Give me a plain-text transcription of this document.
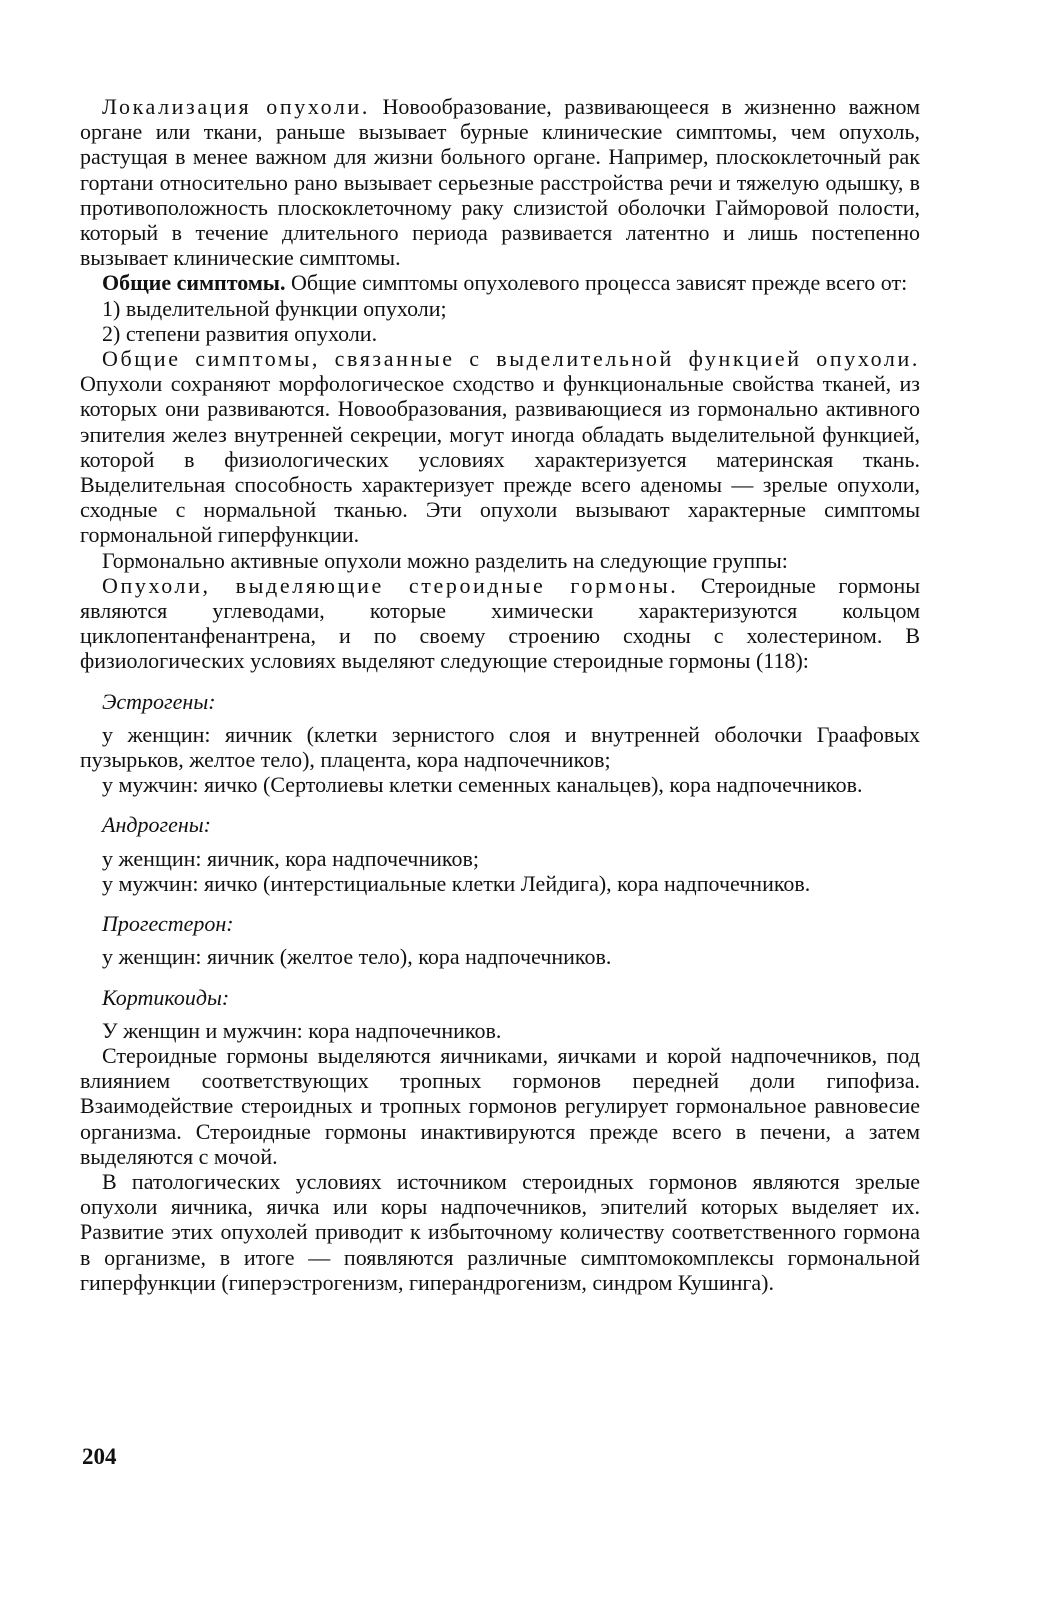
Локализация опухоли. Новообразование, развивающееся в жизненно важном органе или ткани, раньше вызывает бурные клинические симптомы, чем опухоль, растущая в менее важном для жизни больного органе. Например, плоскоклеточный рак гортани относительно рано вызывает серьезные расстройства речи и тяжелую одышку, в противоположность плоскоклеточному раку слизистой оболочки Гайморовой полости, который в течение длительного периода развивается латентно и лишь постепенно вызывает клинические симптомы.

Общие симптомы. Общие симптомы опухолевого процесса зависят прежде всего от:

1) выделительной функции опухоли;

2) степени развития опухоли.

Общие симптомы, связанные с выделительной функцией опухоли. Опухоли сохраняют морфологическое сходство и функциональные свойства тканей, из которых они развиваются. Новообразования, развивающиеся из гормонально активного эпителия желез внутренней секреции, могут иногда обладать выделительной функцией, которой в физиологических условиях характеризуется материнская ткань. Выделительная способность характеризует прежде всего аденомы — зрелые опухоли, сходные с нормальной тканью. Эти опухоли вызывают характерные симптомы гормональной гиперфункции.

Гормонально активные опухоли можно разделить на следующие группы:

Опухоли, выделяющие стероидные гормоны. Стероидные гормоны являются углеводами, которые химически характеризуются кольцом циклопентанфенантрена, и по своему строению сходны с холестерином. В физиологических условиях выделяют следующие стероидные гормоны (118):

Эстрогены:

у женщин: яичник (клетки зернистого слоя и внутренней оболочки Граафовых пузырьков, желтое тело), плацента, кора надпочечников;

у мужчин: яичко (Сертолиевы клетки семенных канальцев), кора надпочечников.

Андрогены:

у женщин: яичник, кора надпочечников;

у мужчин: яичко (интерстициальные клетки Лейдига), кора надпочечников.

Прогестерон:

у женщин: яичник (желтое тело), кора надпочечников.

Кортикоиды:

У женщин и мужчин: кора надпочечников.

Стероидные гормоны выделяются яичниками, яичками и корой надпочечников, под влиянием соответствующих тропных гормонов передней доли гипофиза. Взаимодействие стероидных и тропных гормонов регулирует гормональное равновесие организма. Стероидные гормоны инактивируются прежде всего в печени, а затем выделяются с мочой.

В патологических условиях источником стероидных гормонов являются зрелые опухоли яичника, яичка или коры надпочечников, эпителий которых выделяет их. Развитие этих опухолей приводит к избыточному количеству соответственного гормона в организме, в итоге — появляются различные симптомокомплексы гормональной гиперфункции (гиперэстрогенизм, гиперандрогенизм, синдром Кушинга).

204
